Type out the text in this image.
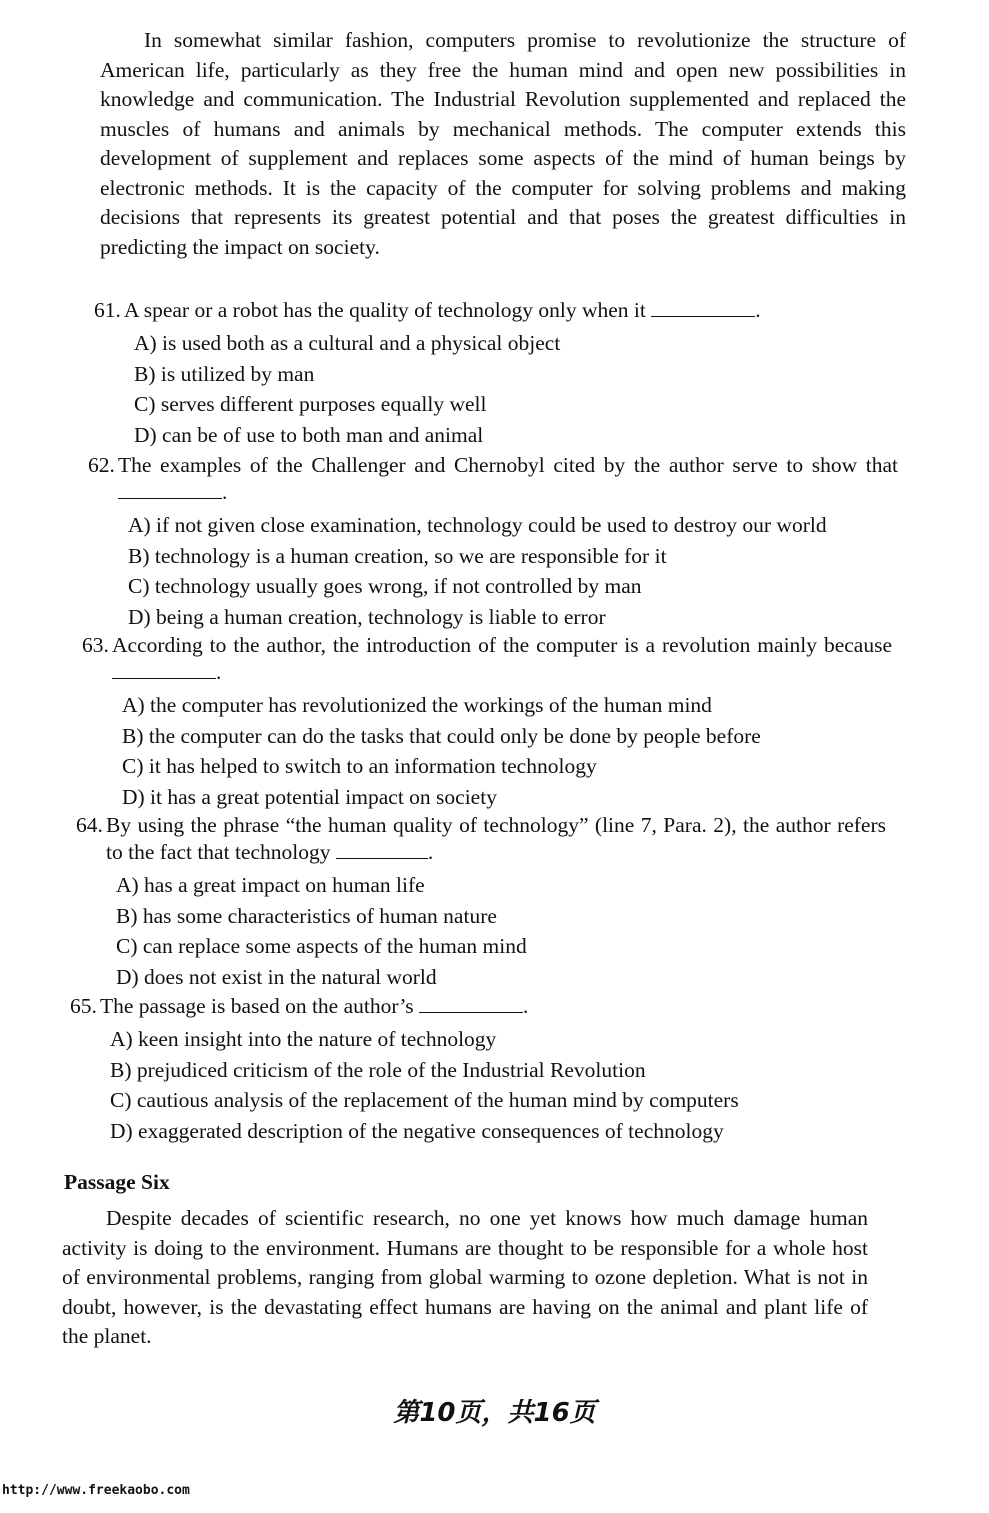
In somewhat similar fashion, computers promise to revolutionize the structure of American life, particularly as they free the human mind and open new possibilities in knowledge and communication. The Industrial Revolution supplemented and replaced the muscles of humans and animals by mechanical methods. The computer extends this development of supplement and replaces some aspects of the mind of human beings by electronic methods. It is the capacity of the computer for solving problems and making decisions that represents its greatest potential and that poses the greatest difficulties in predicting the impact on society.

61. A spear or a robot has the quality of technology only when it	.
A) is used both as a cultural and a physical object
B) is utilized by man
C) serves different purposes equally well
D) can be of use to both man and animal
62. The examples of the Challenger and Chernobyl cited by the author serve to show that .
A) if not given close examination, technology could be used to destroy our world
B) technology is a human creation, so we are responsible for it
C) technology usually goes wrong, if not controlled by man
D) being a human creation, technology is liable to error
63. According to the author, the introduction of the computer is a revolution mainly because .
A) the computer has revolutionized the workings of the human mind
B) the computer can do the tasks that could only be done by people before
C) it has helped to switch to an information technology
D) it has a great potential impact on society
64. By using the phrase “the human quality of technology” (line 7, Para. 2), the author refers to the fact that technology	.
A) has a great impact on human life
B) has some characteristics of human nature
C) can replace some aspects of the human mind
D) does not exist in the natural world
65. The passage is based on the author’s	.
A) keen insight into the nature of technology
B) prejudiced criticism of the role of the Industrial Revolution
C) cautious analysis of the replacement of the human mind by computers
D) exaggerated description of the negative consequences of technology
Passage Six

Despite decades of scientific research, no one yet knows how much damage human activity is doing to the environment. Humans are thought to be responsible for a whole host of environmental problems, ranging from global warming to ozone depletion. What is not in doubt, however, is the devastating effect humans are having on the animal and plant life of the planet.

第10页，共16页
http://www.freekaobo.com
